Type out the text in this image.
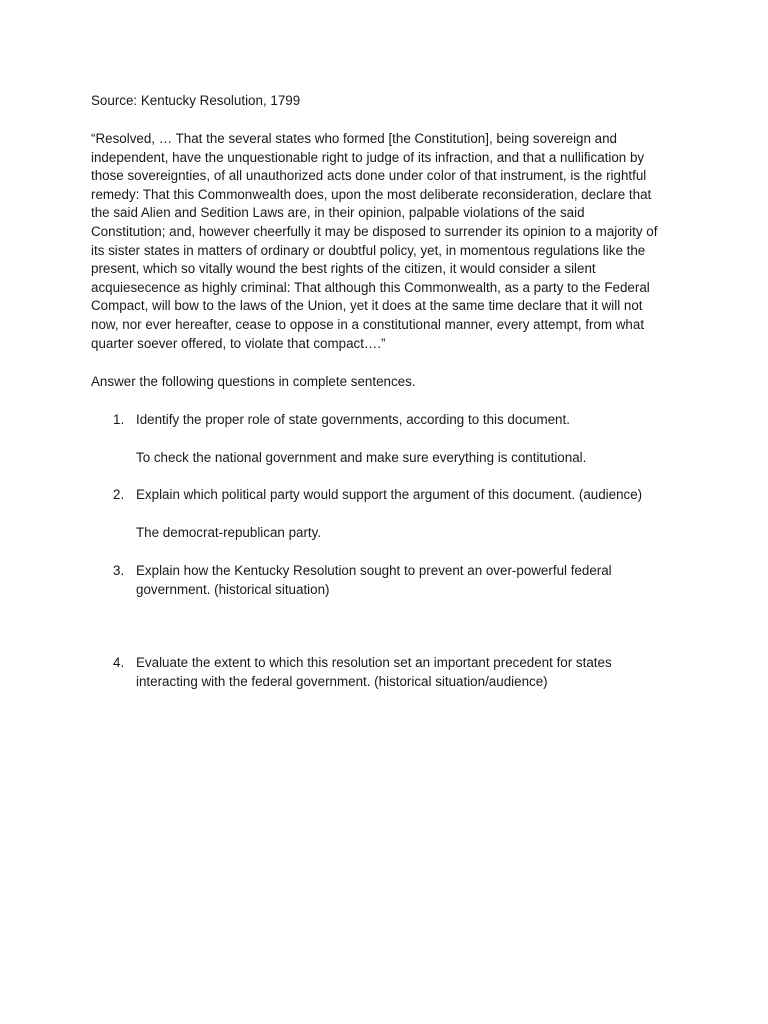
Source: Kentucky Resolution, 1799
“Resolved, … That the several states who formed [the Constitution], being sovereign and
independent, have the unquestionable right to judge of its infraction, and that a nullification by
those sovereignties, of all unauthorized acts done under color of that instrument, is the rightful
remedy: That this Commonwealth does, upon the most deliberate reconsideration, declare that
the said Alien and Sedition Laws are, in their opinion, palpable violations of the said
Constitution; and, however cheerfully it may be disposed to surrender its opinion to a majority of
its sister states in matters of ordinary or doubtful policy, yet, in momentous regulations like the
present, which so vitally wound the best rights of the citizen, it would consider a silent
acquiesecence as highly criminal: That although this Commonwealth, as a party to the Federal
Compact, will bow to the laws of the Union, yet it does at the same time declare that it will not
now, nor ever hereafter, cease to oppose in a constitutional manner, every attempt, from what
quarter soever offered, to violate that compact….”
Answer the following questions in complete sentences.
1. Identify the proper role of state governments, according to this document.
To check the national government and make sure everything is contitutional.
2. Explain which political party would support the argument of this document. (audience)
The democrat-republican party.
3. Explain how the Kentucky Resolution sought to prevent an over-powerful federal
government. (historical situation)
4. Evaluate the extent to which this resolution set an important precedent for states
interacting with the federal government. (historical situation/audience)
